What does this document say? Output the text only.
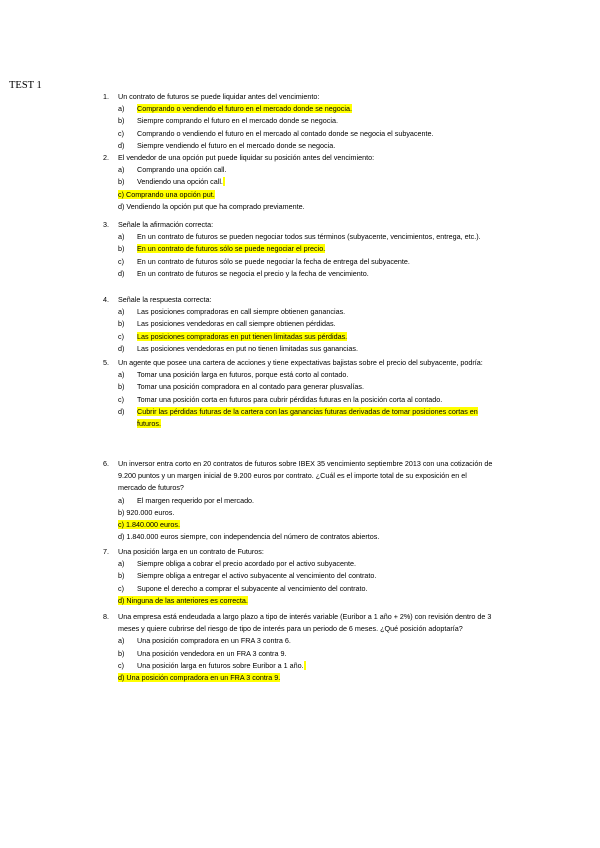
TEST 1
1.	Un contrato de futuros se puede liquidar antes del vencimiento:
a) Comprando o vendiendo el futuro en el mercado donde se negocia.
b) Siempre comprando el futuro en el mercado donde se negocia.
c) Comprando o vendiendo el futuro en el mercado al contado donde se negocia el subyacente.
d) Siempre vendiendo el futuro en el mercado donde se negocia.
2.	El vendedor de una opción put puede liquidar su posición antes del vencimiento:
a) Comprando una opción call.
b) Vendiendo una opción call.​
c) Comprando una opción put.
d) Vendiendo la opción put que ha comprado previamente.
3.	Señale la afirmación correcta:
a)	En un contrato de futuros se pueden negociar todos sus términos (subyacente, vencimientos, entrega, etc.).
b) En un contrato de futuros sólo se puede negociar el precio.
c) En un contrato de futuros sólo se puede negociar la fecha de entrega del subyacente.
d) En un contrato de futuros se negocia el precio y la fecha de vencimiento.
4.	Señale la respuesta correcta:
a) Las posiciones compradoras en call siempre obtienen ganancias.
b) Las posiciones vendedoras en call siempre obtienen pérdidas.
c) Las posiciones compradoras en put tienen limitadas sus pérdidas.
d) Las posiciones vendedoras en put no tienen limitadas sus ganancias.
5.	Un agente que posee una cartera de acciones y tiene expectativas bajistas sobre el precio del subyacente, podría:
a) Tomar una posición larga en futuros, porque está corto al contado.
b) Tomar una posición compradora en al contado para generar plusvalías.
c)	Tomar una posición corta en futuros para cubrir pérdidas futuras en la posición corta al contado.
d)	Cubrir las pérdidas futuras de la cartera con las ganancias futuras derivadas de tomar posiciones cortas en futuros.
6.	Un inversor entra corto en 20 contratos de futuros sobre IBEX 35 vencimiento septiembre 2013 con una cotización de 9.200 puntos y un margen inicial de 9.200 euros por contrato. ¿Cuál es el importe total de su exposición en el mercado de futuros?
a) El margen requerido por el mercado.
b) 920.000 euros.
c) 1.840.000 euros.
d) 1.840.000 euros siempre, con independencia del número de contratos abiertos.
7.	Una posición larga en un contrato de Futuros:
a) Siempre obliga a cobrar el precio acordado por el activo subyacente.
b) Siempre obliga a entregar el activo subyacente al vencimiento del contrato.
c) Supone el derecho a comprar el subyacente al vencimiento del contrato.
d) Ninguna de las anteriores es correcta.
8.	Una empresa está endeudada a largo plazo a tipo de interés variable (Euribor a 1 año + 2%) con revisión dentro de 3 meses y quiere cubrirse del riesgo de tipo de interés para un periodo de 6 meses. ¿Qué posición adoptaría?
a) Una posición compradora en un FRA 3 contra 6.
b) Una posición vendedora en un FRA 3 contra 9.
c) Una posición larga en futuros sobre Euribor a 1 año.​
d) Una posición compradora en un FRA 3 contra 9.
